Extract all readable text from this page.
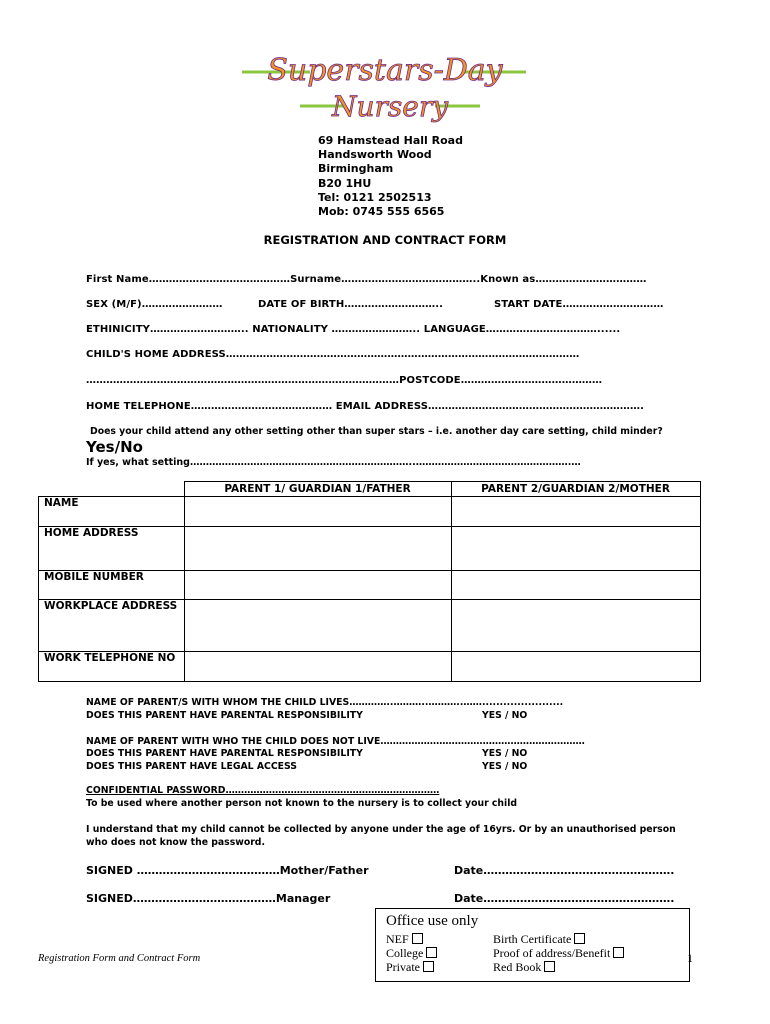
Superstars-Day
Nursery
69 Hamstead Hall Road
Handsworth Wood
Birmingham
B20 1HU
Tel: 0121 2502513
Mob: 0745 555 6565
REGISTRATION AND CONTRACT FORM
First Name……………………………………Surname…………………………………..Known as……………………………
SEX (M/F)……………………	DATE OF BIRTH………………………..	START DATE…………………………
ETHINICITY……………………….. NATIONALITY …………………….. LANGUAGE……………………………......
CHILD'S HOME ADDRESS……………………………………………………………………………………………
…………………………………………………………………………………POSTCODE……………………………………
HOME TELEPHONE…………………………………… EMAIL ADDRESS……………………………………………………….
Does your child attend any other setting other than super stars – i.e. another day care setting, child minder?
Yes/No
If yes, what setting……………………………………………………………..………………………………………….…
	PARENT 1/ GUARDIAN 1/FATHER	PARENT 2/GUARDIAN 2/MOTHER
NAME		
HOME ADDRESS		
MOBILE NUMBER		
WORKPLACE ADDRESS		
WORK TELEPHONE NO		
NAME OF PARENT/S WITH WHOM THE CHILD LIVES…………..………..………..…….......................
DOES THIS PARENT HAVE PARENTAL RESPONSIBILITY	YES / NO
NAME OF PARENT WITH WHO THE CHILD DOES NOT LIVE…………………………………………………………
DOES THIS PARENT HAVE PARENTAL RESPONSIBILITY	YES / NO
DOES THIS PARENT HAVE LEGAL ACCESS	YES / NO
CONFIDENTIAL PASSWORD……………………………………………………………
To be used where another person not known to the nursery is to collect your child
I understand that my child cannot be collected by anyone under the age of 16yrs. Or by an unauthorised person
who does not know the password.
SIGNED …………………………………Mother/Father	Date…………………………………………….
SIGNED…………………………………Manager	Date…………………………………………….
Office use only
NEF
College
Private
Birth Certificate
Proof of address/Benefit
Red Book
Registration Form and Contract Form	1
